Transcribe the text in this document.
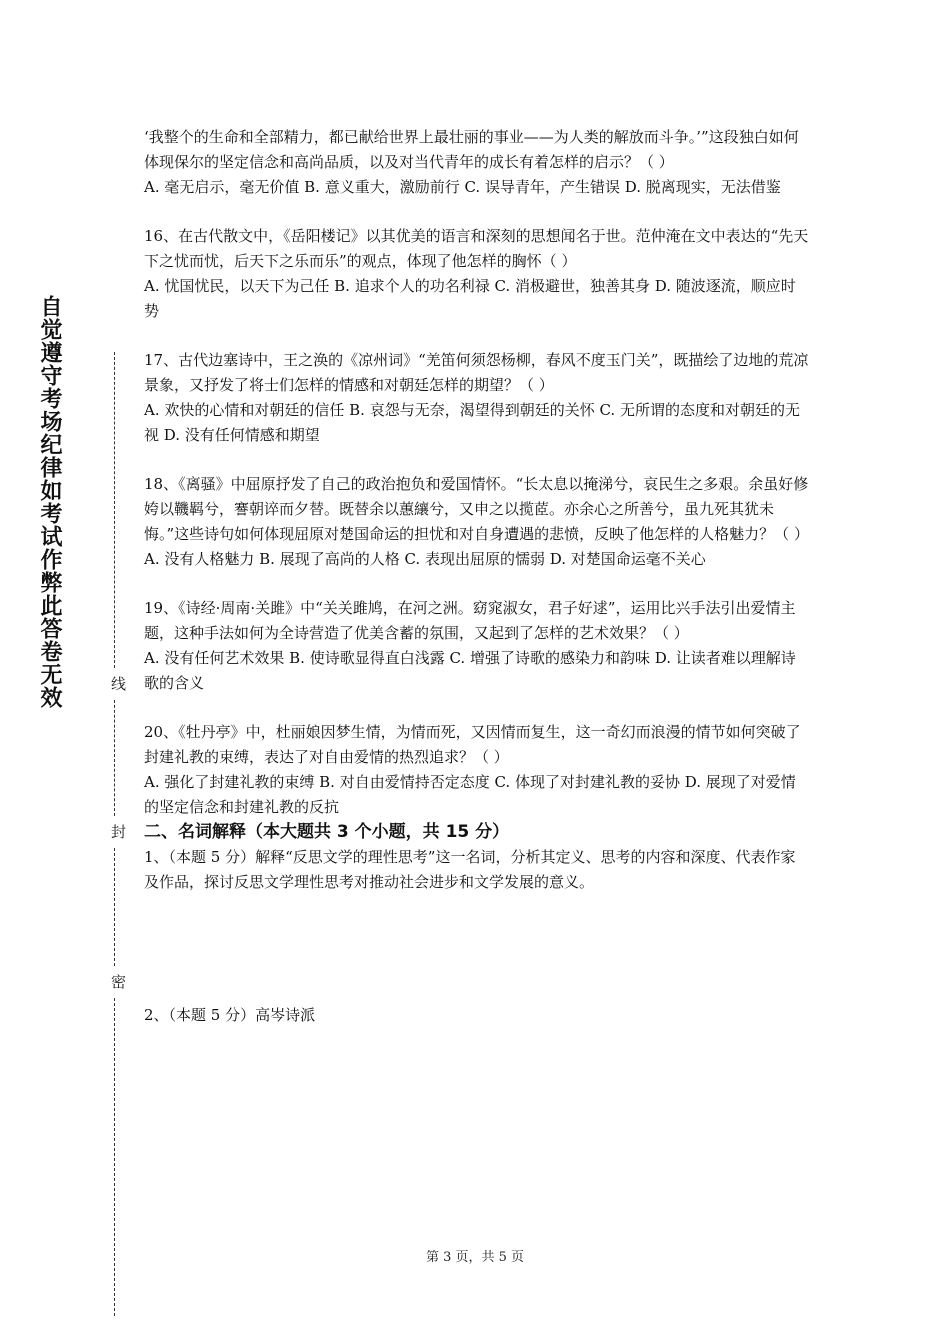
自觉遵守考场纪律如考试作弊此答卷无效	线
封
密

‘我整个的生命和全部精力，都已献给世界上最壮丽的事业——为人类的解放而斗争。’”这段独白如何体现保尔的坚定信念和高尚品质，以及对当代青年的成长有着怎样的启示？（ ）

A. 毫无启示，毫无价值 B. 意义重大，激励前行 C. 误导青年，产生错误 D. 脱离现实，无法借鉴

16、在古代散文中，《岳阳楼记》以其优美的语言和深刻的思想闻名于世。范仲淹在文中表达的“先天下之忧而忧，后天下之乐而乐”的观点，体现了他怎样的胸怀（ ）

A. 忧国忧民，以天下为己任 B. 追求个人的功名利禄 C. 消极避世，独善其身 D. 随波逐流，顺应时势

17、古代边塞诗中，王之涣的《凉州词》“羌笛何须怨杨柳，春风不度玉门关”，既描绘了边地的荒凉景象，又抒发了将士们怎样的情感和对朝廷怎样的期望？（ ）

A. 欢快的心情和对朝廷的信任 B. 哀怨与无奈，渴望得到朝廷的关怀 C. 无所谓的态度和对朝廷的无视 D. 没有任何情感和期望

18、《离骚》中屈原抒发了自己的政治抱负和爱国情怀。“长太息以掩涕兮，哀民生之多艰。余虽好修姱以鞿羁兮，謇朝谇而夕替。既替余以蕙纕兮，又申之以揽茝。亦余心之所善兮，虽九死其犹未悔。”这些诗句如何体现屈原对楚国命运的担忧和对自身遭遇的悲愤，反映了他怎样的人格魅力？（ ）

A. 没有人格魅力 B. 展现了高尚的人格 C. 表现出屈原的懦弱 D. 对楚国命运毫不关心

19、《诗经·周南·关雎》中“关关雎鸠，在河之洲。窈窕淑女，君子好逑”，运用比兴手法引出爱情主题，这种手法如何为全诗营造了优美含蓄的氛围，又起到了怎样的艺术效果？（ ）

A. 没有任何艺术效果 B. 使诗歌显得直白浅露 C. 增强了诗歌的感染力和韵味 D. 让读者难以理解诗歌的含义

20、《牡丹亭》中，杜丽娘因梦生情，为情而死，又因情而复生，这一奇幻而浪漫的情节如何突破了封建礼教的束缚，表达了对自由爱情的热烈追求？（ ）

A. 强化了封建礼教的束缚 B. 对自由爱情持否定态度 C. 体现了对封建礼教的妥协 D. 展现了对爱情的坚定信念和封建礼教的反抗

二、名词解释（本大题共 3 个小题，共 15 分）

1、（本题 5 分）解释“反思文学的理性思考”这一名词，分析其定义、思考的内容和深度、代表作家及作品，探讨反思文学理性思考对推动社会进步和文学发展的意义。

2、（本题 5 分）高岑诗派

第 3 页，共 5 页
